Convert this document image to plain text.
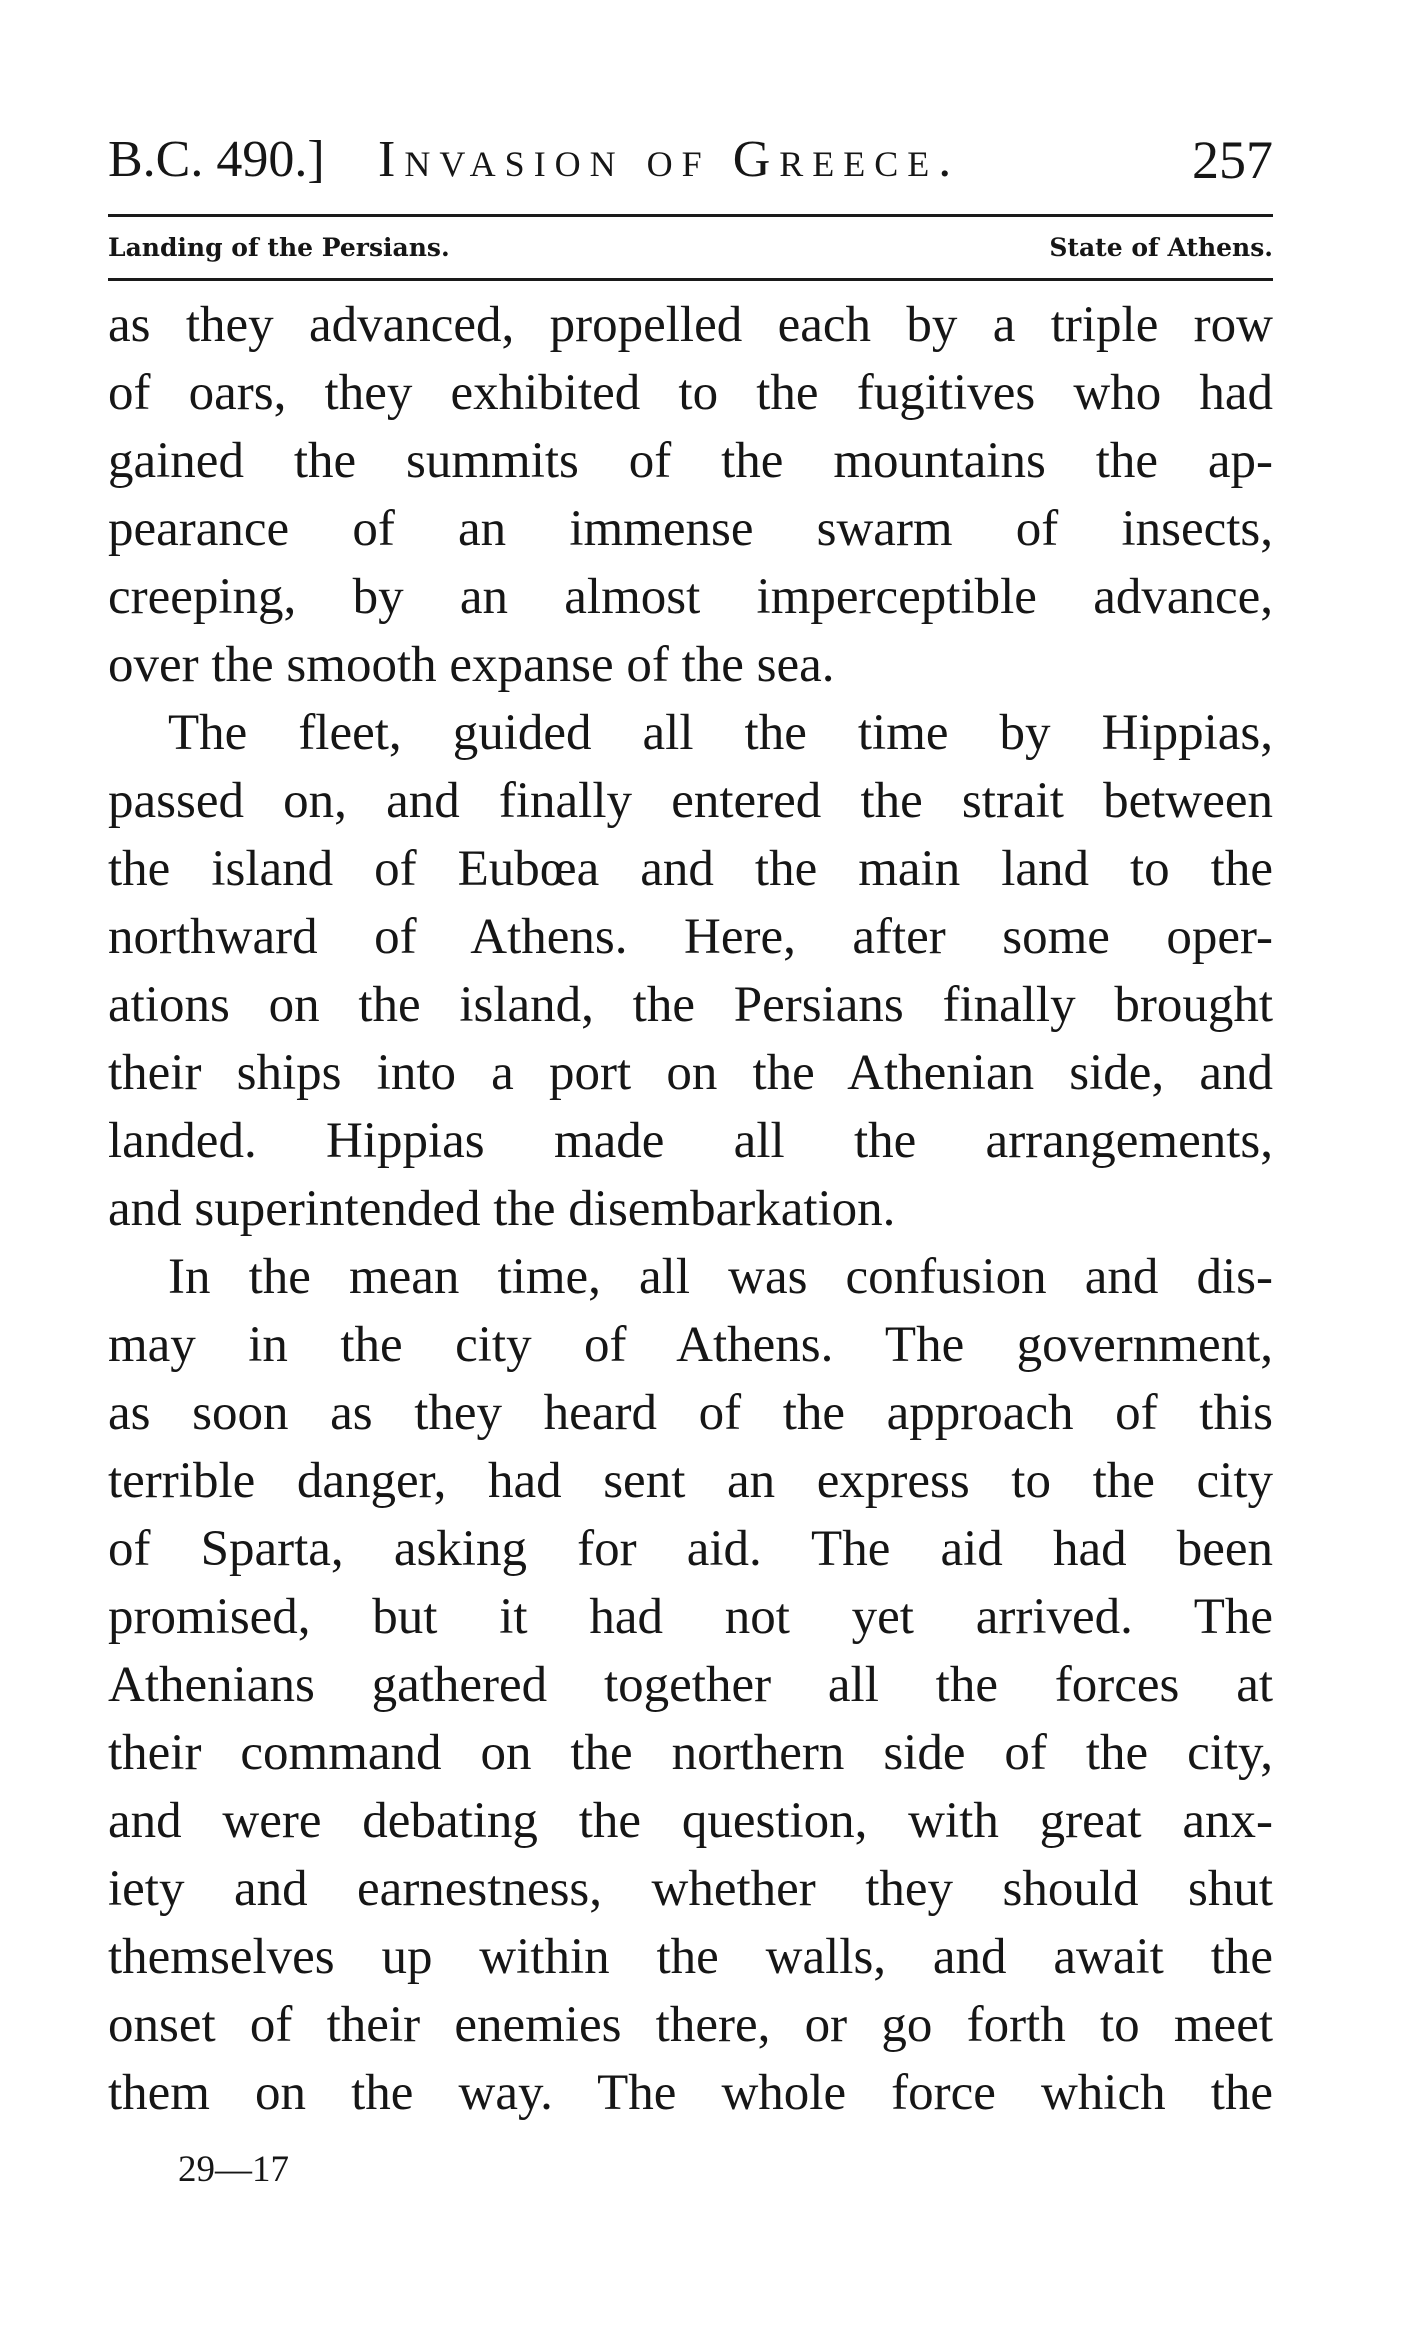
B.C. 490.] Invasion of Greece.	257
Landing of the Persians.	State of Athens.
as they advanced, propelled each by a triple row
of oars, they exhibited to the fugitives who had
gained the summits of the mountains the ap-
pearance of an immense swarm of insects,
creeping, by an almost imperceptible advance,
over the smooth expanse of the sea.
The fleet, guided all the time by Hippias,
passed on, and finally entered the strait between
the island of Eubœa and the main land to the
northward of Athens. Here, after some oper-
ations on the island, the Persians finally brought
their ships into a port on the Athenian side, and
landed. Hippias made all the arrangements,
and superintended the disembarkation.
In the mean time, all was confusion and dis-
may in the city of Athens. The government,
as soon as they heard of the approach of this
terrible danger, had sent an express to the city
of Sparta, asking for aid. The aid had been
promised, but it had not yet arrived. The
Athenians gathered together all the forces at
their command on the northern side of the city,
and were debating the question, with great anx-
iety and earnestness, whether they should shut
themselves up within the walls, and await the
onset of their enemies there, or go forth to meet
them on the way. The whole force which the
29—17
